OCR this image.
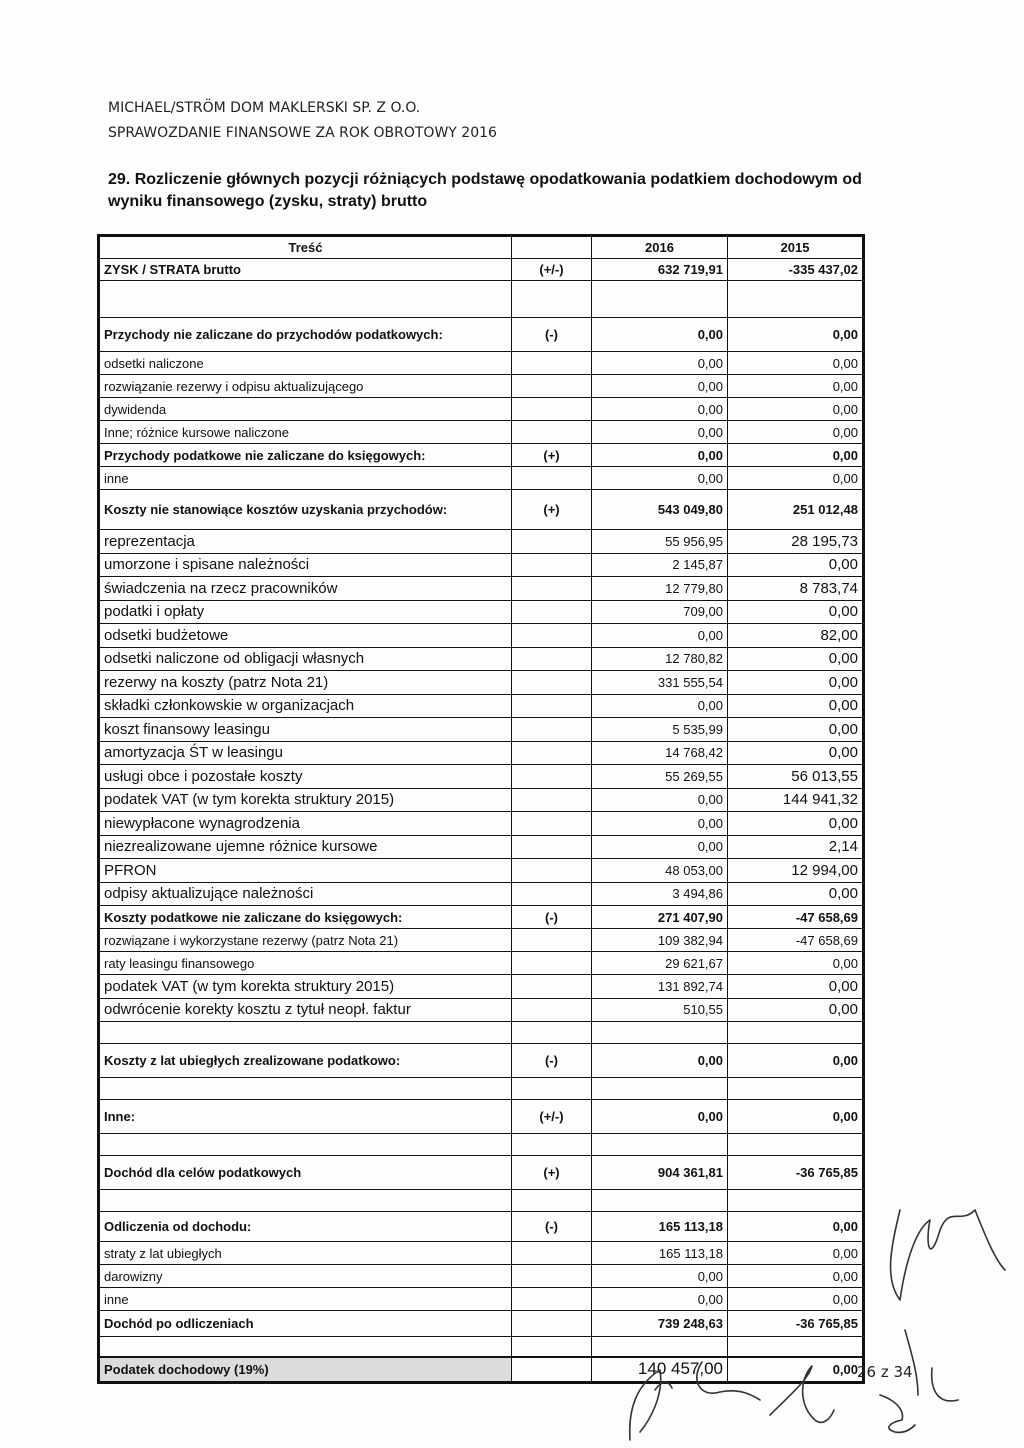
MICHAEL/STRÖM DOM MAKLERSKI SP. Z O.O.
SPRAWOZDANIE FINANSOWE ZA ROK OBROTOWY 2016
29. Rozliczenie głównych pozycji różniących podstawę opodatkowania podatkiem dochodowym od wyniku finansowego (zysku, straty) brutto
Treść		2016	2015
ZYSK / STRATA brutto	(+/-)	632 719,91	-335 437,02

Przychody nie zaliczane do przychodów podatkowych:	(-)	0,00	0,00
odsetki naliczone		0,00	0,00
rozwiązanie rezerwy i odpisu aktualizującego		0,00	0,00
dywidenda		0,00	0,00
Inne; różnice kursowe naliczone		0,00	0,00
Przychody podatkowe nie zaliczane do księgowych:	(+)	0,00	0,00
inne		0,00	0,00
Koszty nie stanowiące kosztów uzyskania przychodów:	(+)	543 049,80	251 012,48
reprezentacja		55 956,95	28 195,73
umorzone i spisane należności		2 145,87	0,00
świadczenia na rzecz pracowników		12 779,80	8 783,74
podatki i opłaty		709,00	0,00
odsetki budżetowe		0,00	82,00
odsetki naliczone od obligacji własnych		12 780,82	0,00
rezerwy na koszty (patrz Nota 21)		331 555,54	0,00
składki członkowskie w organizacjach		0,00	0,00
koszt finansowy leasingu		5 535,99	0,00
amortyzacja ŚT w leasingu		14 768,42	0,00
usługi obce i pozostałe koszty		55 269,55	56 013,55
podatek VAT (w tym korekta struktury 2015)		0,00	144 941,32
niewypłacone wynagrodzenia		0,00	0,00
niezrealizowane ujemne różnice kursowe		0,00	2,14
PFRON		48 053,00	12 994,00
odpisy aktualizujące należności		3 494,86	0,00
Koszty podatkowe nie zaliczane do księgowych:	(-)	271 407,90	-47 658,69
rozwiązane i wykorzystane rezerwy (patrz Nota 21)		109 382,94	-47 658,69
raty leasingu finansowego		29 621,67	0,00
podatek VAT (w tym korekta struktury 2015)		131 892,74	0,00
odwrócenie korekty kosztu z tytuł neopł. faktur		510,55	0,00

Koszty z lat ubiegłych zrealizowane podatkowo:	(-)	0,00	0,00

Inne:	(+/-)	0,00	0,00

Dochód dla celów podatkowych	(+)	904 361,81	-36 765,85

Odliczenia od dochodu:	(-)	165 113,18	0,00
straty z lat ubiegłych		165 113,18	0,00
darowizny		0,00	0,00
inne		0,00	0,00
Dochód po odliczeniach		739 248,63	-36 765,85

Podatek dochodowy (19%)		140 457,00	0,00 26 z 34
